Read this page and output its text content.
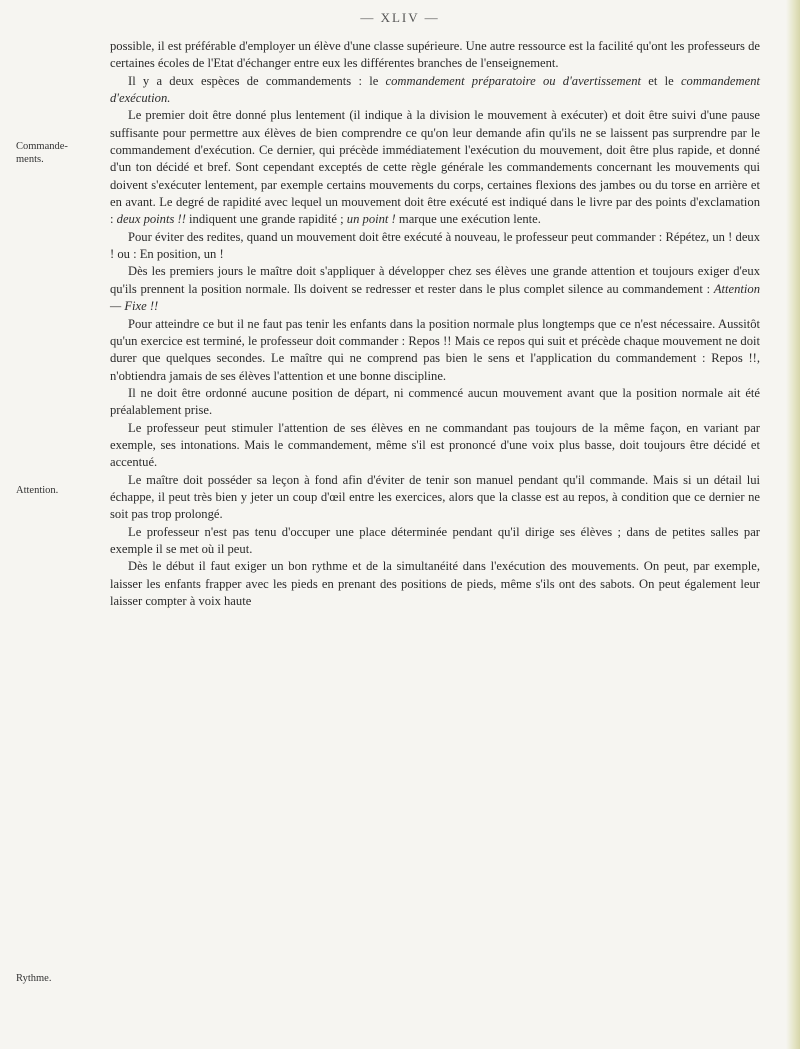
— XLIV —
Commande-
ments.
Attention.
Rythme.

possible, il est préférable d'employer un élève d'une classe supérieure. Une autre ressource est la facilité qu'ont les professeurs de certaines écoles de l'Etat d'échanger entre eux les différentes branches de l'enseignement.

Il y a deux espèces de commandements : le commandement préparatoire ou d'avertissement et le commandement d'exécution.

Le premier doit être donné plus lentement (il indique à la division le mouvement à exécuter) et doit être suivi d'une pause suffisante pour permettre aux élèves de bien comprendre ce qu'on leur demande afin qu'ils ne se laissent pas surprendre par le commandement d'exécution. Ce dernier, qui précède immédiatement l'exécution du mouvement, doit être plus rapide, et donné d'un ton décidé et bref. Sont cependant exceptés de cette règle générale les commandements concernant les mouvements qui doivent s'exécuter lentement, par exemple certains mouvements du corps, certaines flexions des jambes ou du torse en arrière et en avant. Le degré de rapidité avec lequel un mouvement doit être exécuté est indiqué dans le livre par des points d'exclamation : deux points !! indiquent une grande rapidité ; un point ! marque une exécution lente.

Pour éviter des redites, quand un mouvement doit être exécuté à nouveau, le professeur peut commander : Répétez, un ! deux ! ou : En position, un !

Dès les premiers jours le maître doit s'appliquer à développer chez ses élèves une grande attention et toujours exiger d'eux qu'ils prennent la position normale. Ils doivent se redresser et rester dans le plus complet silence au commandement : Attention — Fixe !!

Pour atteindre ce but il ne faut pas tenir les enfants dans la position normale plus longtemps que ce n'est nécessaire. Aussitôt qu'un exercice est terminé, le professeur doit commander : Repos !! Mais ce repos qui suit et précède chaque mouvement ne doit durer que quelques secondes. Le maître qui ne comprend pas bien le sens et l'application du commandement : Repos !!, n'obtiendra jamais de ses élèves l'attention et une bonne discipline.

Il ne doit être ordonné aucune position de départ, ni commencé aucun mouvement avant que la position normale ait été préalablement prise.

Le professeur peut stimuler l'attention de ses élèves en ne commandant pas toujours de la même façon, en variant par exemple, ses intonations. Mais le commandement, même s'il est prononcé d'une voix plus basse, doit toujours être décidé et accentué.

Le maître doit posséder sa leçon à fond afin d'éviter de tenir son manuel pendant qu'il commande. Mais si un détail lui échappe, il peut très bien y jeter un coup d'œil entre les exercices, alors que la classe est au repos, à condition que ce dernier ne soit pas trop prolongé.

Le professeur n'est pas tenu d'occuper une place déterminée pendant qu'il dirige ses élèves ; dans de petites salles par exemple il se met où il peut.

Dès le début il faut exiger un bon rythme et de la simultanéité dans l'exécution des mouvements. On peut, par exemple, laisser les enfants frapper avec les pieds en prenant des positions de pieds, même s'ils ont des sabots. On peut également leur laisser compter à voix haute
